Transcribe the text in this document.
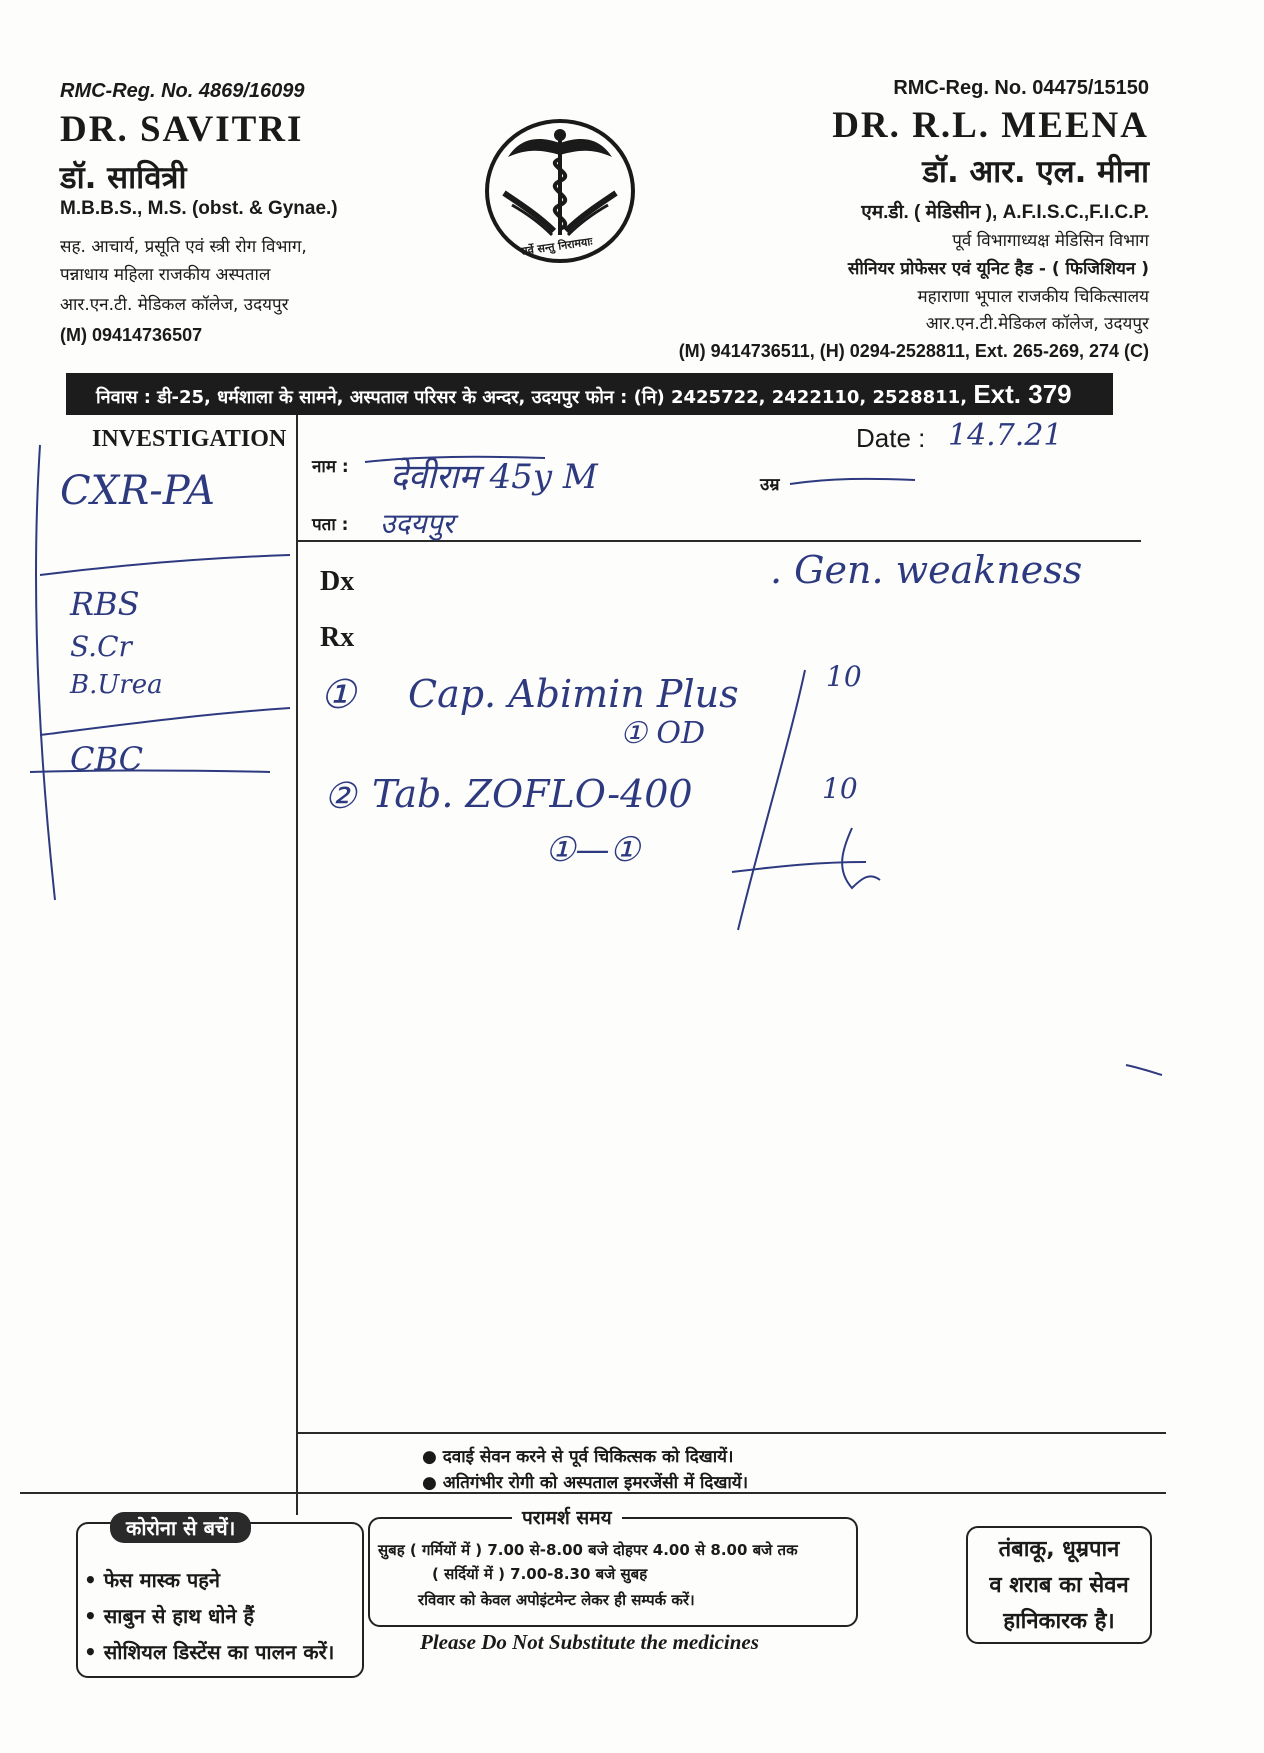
RMC-Reg. No. 4869/16099
DR. SAVITRI
डॉ. सावित्री
M.B.B.S., M.S. (obst. & Gynae.)
सह. आचार्य, प्रसूति एवं स्त्री रोग विभाग,
पन्नाधाय महिला राजकीय अस्पताल
आर.एन.टी. मेडिकल कॉलेज, उदयपुर
(M) 09414736507
सर्वे सन्तु निरामयाः
RMC-Reg. No. 04475/15150
DR. R.L. MEENA
डॉ. आर. एल. मीना
एम.डी. ( मेडिसीन ), A.F.I.S.C.,F.I.C.P.
पूर्व विभागाध्यक्ष मेडिसिन विभाग
सीनियर प्रोफेसर एवं यूनिट हैड - ( फिजिशियन )
महाराणा भूपाल राजकीय चिकित्सालय
आर.एन.टी.मेडिकल कॉलेज, उदयपुर
(M) 9414736511, (H) 0294-2528811, Ext. 265-269, 274 (C)
निवास : डी-25, धर्मशाला के सामने, अस्पताल परिसर के अन्दर, उदयपुर फोन : (नि) 2425722, 2422110, 2528811, Ext. 379
INVESTIGATION
नाम :
पता :
उम्र
Date :
Dx
Rx
14.7.21
देवीराम 45y M
उदयपुर
CXR-PA
RBS
S.Cr
B.Urea
CBC
. Gen. weakness
① Cap. Abimin Plus
① OD
10
② Tab. ZOFLO-400
①—①
10
● दवाई सेवन करने से पूर्व चिकित्सक को दिखायें।
● अतिगंभीर रोगी को अस्पताल इमरजेंसी में दिखायें।
कोरोना से बचें।
• फेस मास्क पहने
• साबुन से हाथ धोने हैं
• सोशियल डिस्टेंस का पालन करें।
परामर्श समय
सुबह ( गर्मियों में ) 7.00 से-8.00 बजे दोहपर 4.00 से 8.00 बजे तक
( सर्दियों में ) 7.00-8.30 बजे सुबह
रविवार को केवल अपोइंटमेन्ट लेकर ही सम्पर्क करें।
Please Do Not Substitute the medicines
तंबाकू, धूम्रपान
व शराब का सेवन
हानिकारक है।
